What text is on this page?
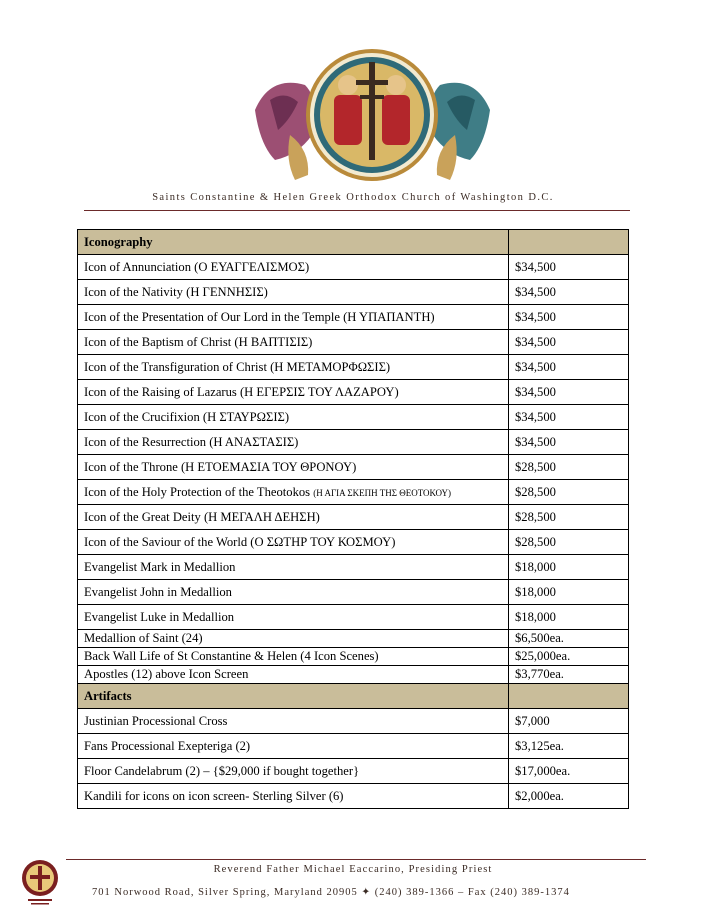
Saints Constantine & Helen Greek Orthodox Church of Washington D.C.
Iconography	
Icon of Annunciation (Ο ΕΥΑΓΓΕΛΙΣΜΟΣ)	$34,500
Icon of the Nativity (Η ΓΕΝΝΗΣΙΣ)	$34,500
Icon of the Presentation of Our Lord in the Temple (Η ΥΠΑΠΑΝΤΗ)	$34,500
Icon of the Baptism of Christ (Η ΒΑΠΤΙΣΙΣ)	$34,500
Icon of the Transfiguration of Christ (Η ΜΕΤΑΜΟΡΦΩΣΙΣ)	$34,500
Icon of the Raising of Lazarus (Η ΕΓΕΡΣΙΣ ΤΟΥ ΛΑΖΑΡΟΥ)	$34,500
Icon of the Crucifixion (Η ΣΤΑΥΡΩΣΙΣ)	$34,500
Icon of the Resurrection (Η ΑΝΑΣΤΑΣΙΣ)	$34,500
Icon of the Throne (Η ΕΤΟΕΜΑΣΙΑ ΤΟΥ ΘΡΟΝΟΥ)	$28,500
Icon of the Holy Protection of the Theotokos (Η ΑΓΙΑ ΣΚΕΠΗ ΤΗΣ ΘΕΟΤΟΚΟΥ)	$28,500
Icon of the Great Deity (Η ΜΕΓΑΛΗ ΔΕΗΣΗ)	$28,500
Icon of the Saviour of the World (Ο ΣΩΤΗΡ ΤΟΥ ΚΟΣΜΟΥ)	$28,500
Evangelist Mark in Medallion	$18,000
Evangelist John in Medallion	$18,000
Evangelist Luke in Medallion	$18,000
Medallion of Saint (24)	$6,500ea.
Back Wall Life of St Constantine & Helen (4 Icon Scenes)	$25,000ea.
Apostles (12) above Icon Screen	$3,770ea.
Artifacts	
Justinian Processional Cross	$7,000
Fans Processional Exepteriga (2)	$3,125ea.
Floor Candelabrum (2) – {$29,000 if bought together}	$17,000ea.
Kandili for icons on icon screen- Sterling Silver (6)	$2,000ea.
Reverend Father Michael Eaccarino, Presiding Priest
701 Norwood Road, Silver Spring, Maryland 20905 ✦ (240) 389-1366 – Fax (240) 389-1374
